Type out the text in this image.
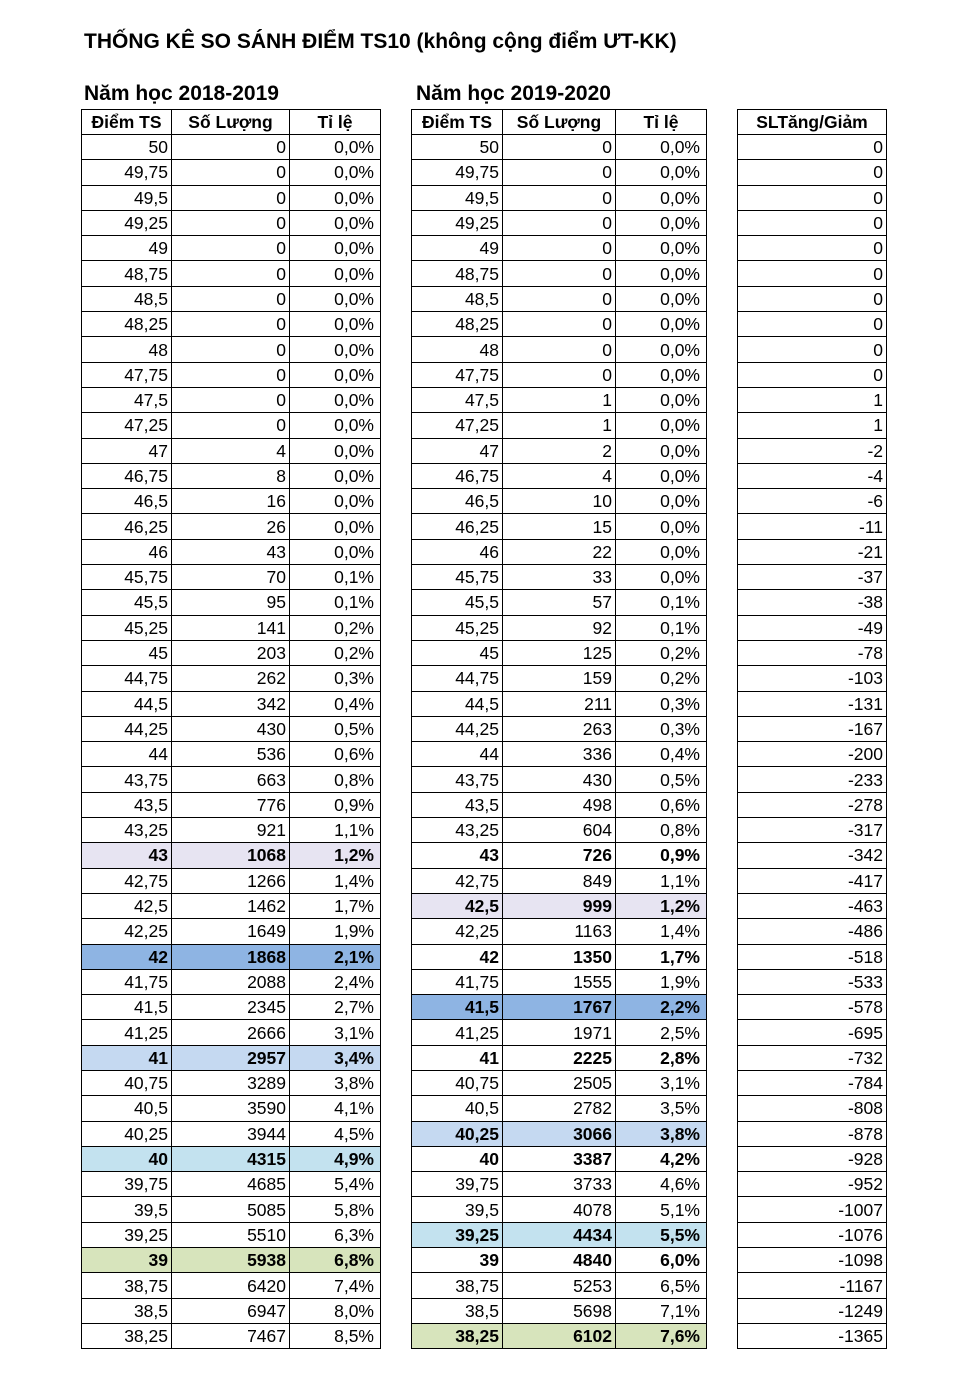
THỐNG KÊ SO SÁNH ĐIỂM TS10 (không cộng điểm ƯT-KK)
Năm học 2018-2019	Năm học 2019-2020
Điểm TS	Số Lượng	Tỉ lệ
50	0	0,0%
49,75	0	0,0%
49,5	0	0,0%
49,25	0	0,0%
49	0	0,0%
48,75	0	0,0%
48,5	0	0,0%
48,25	0	0,0%
48	0	0,0%
47,75	0	0,0%
47,5	0	0,0%
47,25	0	0,0%
47	4	0,0%
46,75	8	0,0%
46,5	16	0,0%
46,25	26	0,0%
46	43	0,0%
45,75	70	0,1%
45,5	95	0,1%
45,25	141	0,2%
45	203	0,2%
44,75	262	0,3%
44,5	342	0,4%
44,25	430	0,5%
44	536	0,6%
43,75	663	0,8%
43,5	776	0,9%
43,25	921	1,1%
43	1068	1,2%
42,75	1266	1,4%
42,5	1462	1,7%
42,25	1649	1,9%
42	1868	2,1%
41,75	2088	2,4%
41,5	2345	2,7%
41,25	2666	3,1%
41	2957	3,4%
40,75	3289	3,8%
40,5	3590	4,1%
40,25	3944	4,5%
40	4315	4,9%
39,75	4685	5,4%
39,5	5085	5,8%
39,25	5510	6,3%
39	5938	6,8%
38,75	6420	7,4%
38,5	6947	8,0%
38,25	7467	8,5%
Điểm TS	Số Lượng	Tỉ lệ
50	0	0,0%
49,75	0	0,0%
49,5	0	0,0%
49,25	0	0,0%
49	0	0,0%
48,75	0	0,0%
48,5	0	0,0%
48,25	0	0,0%
48	0	0,0%
47,75	0	0,0%
47,5	1	0,0%
47,25	1	0,0%
47	2	0,0%
46,75	4	0,0%
46,5	10	0,0%
46,25	15	0,0%
46	22	0,0%
45,75	33	0,0%
45,5	57	0,1%
45,25	92	0,1%
45	125	0,2%
44,75	159	0,2%
44,5	211	0,3%
44,25	263	0,3%
44	336	0,4%
43,75	430	0,5%
43,5	498	0,6%
43,25	604	0,8%
43	726	0,9%
42,75	849	1,1%
42,5	999	1,2%
42,25	1163	1,4%
42	1350	1,7%
41,75	1555	1,9%
41,5	1767	2,2%
41,25	1971	2,5%
41	2225	2,8%
40,75	2505	3,1%
40,5	2782	3,5%
40,25	3066	3,8%
40	3387	4,2%
39,75	3733	4,6%
39,5	4078	5,1%
39,25	4434	5,5%
39	4840	6,0%
38,75	5253	6,5%
38,5	5698	7,1%
38,25	6102	7,6%
SLTăng/Giảm
0
0
0
0
0
0
0
0
0
0
1
1
-2
-4
-6
-11
-21
-37
-38
-49
-78
-103
-131
-167
-200
-233
-278
-317
-342
-417
-463
-486
-518
-533
-578
-695
-732
-784
-808
-878
-928
-952
-1007
-1076
-1098
-1167
-1249
-1365
